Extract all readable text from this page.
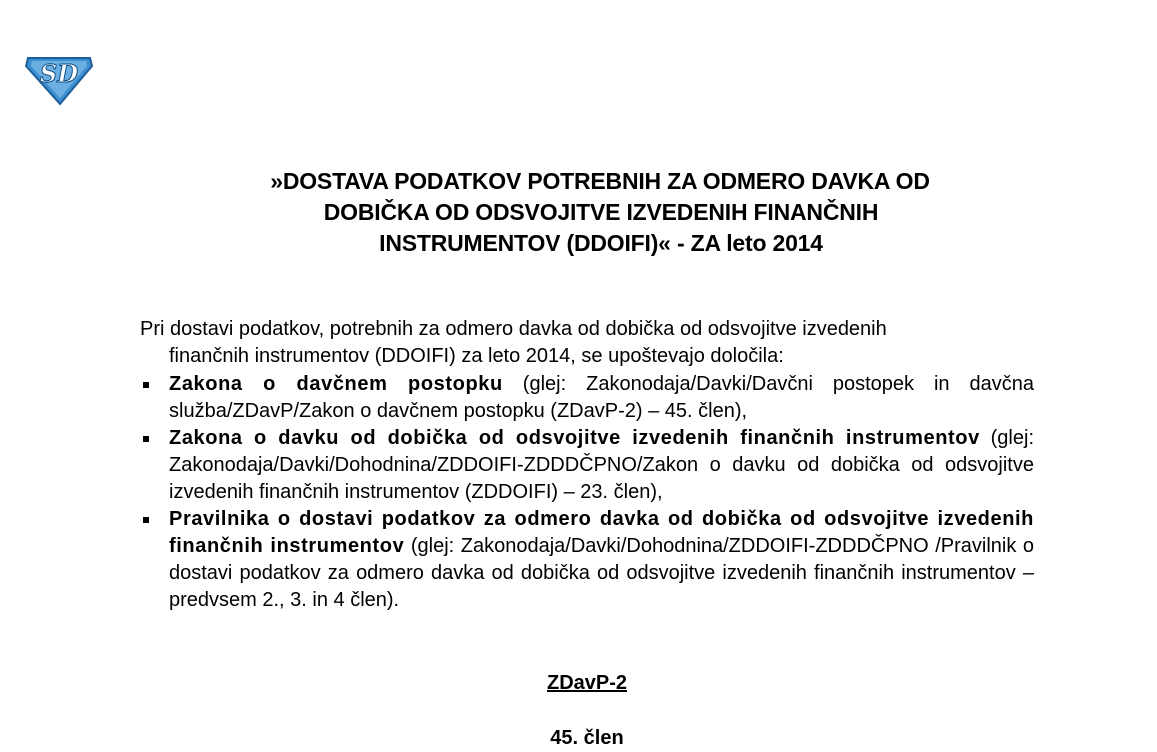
SD
»DOSTAVA PODATKOV POTREBNIH ZA ODMERO DAVKA OD
DOBIČKA OD ODSVOJITVE IZVEDENIH FINANČNIH
INSTRUMENTOV (DDOIFI)« - ZA leto 2014
Pri dostavi podatkov, potrebnih za odmero davka od dobička od odsvojitve izvedenih
finančnih instrumentov (DDOIFI) za leto 2014, se upoštevajo določila:
Zakona o davčnem postopku (glej: Zakonodaja/Davki/Davčni postopek in davčna služba/ZDavP/Zakon o davčnem postopku (ZDavP-2) – 45. člen),
Zakona o davku od dobička od odsvojitve izvedenih finančnih instrumentov (glej: Zakonodaja/Davki/Dohodnina/ZDDOIFI-ZDDDČPNO/Zakon o davku od dobička od odsvojitve izvedenih finančnih instrumentov (ZDDOIFI) – 23. člen),
Pravilnika o dostavi podatkov za odmero davka od dobička od odsvojitve izvedenih finančnih instrumentov (glej: Zakonodaja/Davki/Dohodnina/ZDDOIFI-ZDDDČPNO /Pravilnik o dostavi podatkov za odmero davka od dobička od odsvojitve izvedenih finančnih instrumentov – predvsem 2., 3. in 4 člen).
ZDavP-2
45. člen
